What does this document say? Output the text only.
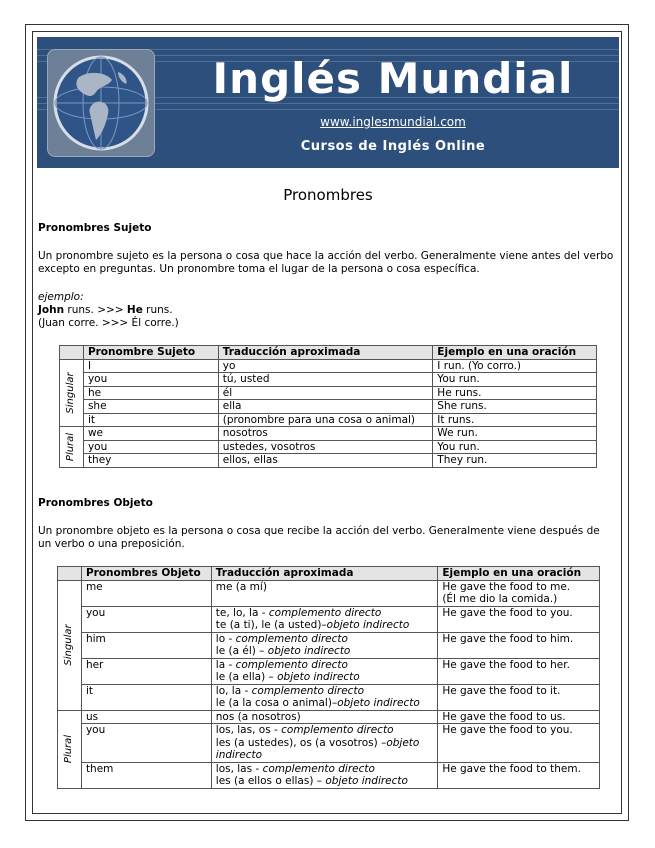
Inglés Mundial
www.inglesmundial.com
Cursos de Inglés Online
Pronombres
Pronombres Sujeto
Un pronombre sujeto es la persona o cosa que hace la acción del verbo. Generalmente viene antes del verbo excepto en preguntas. Un pronombre toma el lugar de la persona o cosa específica.
ejemplo:
John runs. >>> He runs.
(Juan corre. >>> Él corre.)
	Pronombre Sujeto	Traducción aproximada	Ejemplo en una oración

Singular	I	yo	I run. (Yo corro.)
	you	tú, usted	You run.
	he	él	He runs.
	she	ella	She runs.
	it	(pronombre para una cosa o animal)	It runs.

Plural	we	nosotros	We run.
	you	ustedes, vosotros	You run.
	they	ellos, ellas	They run.
Pronombres Objeto
Un pronombre objeto es la persona o cosa que recibe la acción del verbo. Generalmente viene después de un verbo o una preposición.
	Pronombres Objeto	Traducción aproximada	Ejemplo en una oración

Singular	me	me (a mí)	He gave the food to me.
(Él me dio la comida.)

	you	te, lo, la - complemento directo
te (a ti), le (a usted)–objeto indirecto	He gave the food to you.

	him	lo - complemento directo
le (a él) – objeto indirecto	He gave the food to him.

	her	la - complemento directo
le (a ella) – objeto indirecto	He gave the food to her.

	it	lo, la - complemento directo
le (a la cosa o animal)–objeto indirecto	He gave the food to it.

Plural	us	nos (a nosotros)	He gave the food to us.

	you	los, las, os - complemento directo
les (a ustedes), os (a vosotros) –objeto indirecto	He gave the food to you.

	them	los, las - complemento directo
les (a ellos o ellas) – objeto indirecto	He gave the food to them.
